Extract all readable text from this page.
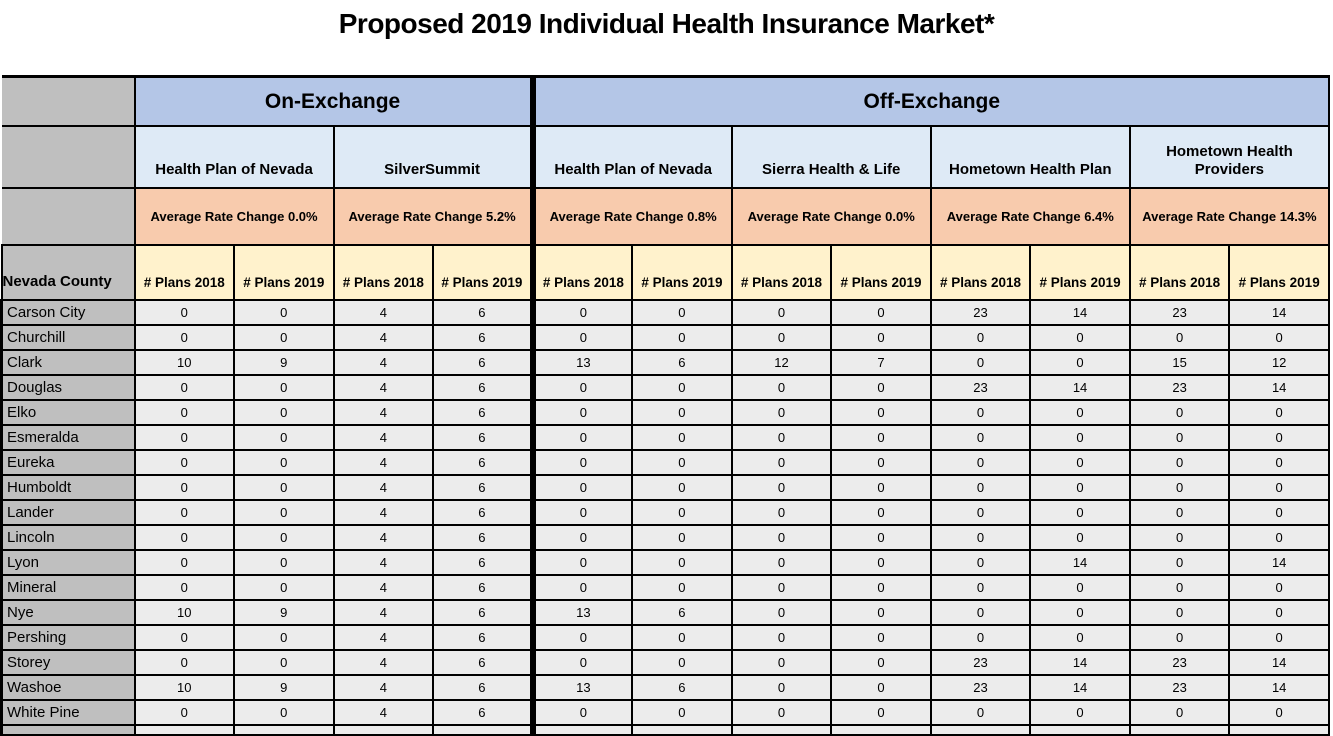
Proposed 2019 Individual Health Insurance Market*
	On-Exchange				Off-Exchange							
	Health Plan of Nevada		SilverSummit		Health Plan of Nevada		Sierra Health & Life		Hometown Health Plan		Hometown Health Providers	
	Average Rate Change 0.0%		Average Rate Change 5.2%		Average Rate Change 0.8%		Average Rate Change 0.0%		Average Rate Change 6.4%		Average Rate Change 14.3%	
Nevada County	# Plans 2018	# Plans 2019	# Plans 2018	# Plans 2019	# Plans 2018	# Plans 2019	# Plans 2018	# Plans 2019	# Plans 2018	# Plans 2019	# Plans 2018	# Plans 2019
Carson City	0	0	4	6	0	0	0	0	23	14	23	14
Churchill	0	0	4	6	0	0	0	0	0	0	0	0
Clark	10	9	4	6	13	6	12	7	0	0	15	12
Douglas	0	0	4	6	0	0	0	0	23	14	23	14
Elko	0	0	4	6	0	0	0	0	0	0	0	0
Esmeralda	0	0	4	6	0	0	0	0	0	0	0	0
Eureka	0	0	4	6	0	0	0	0	0	0	0	0
Humboldt	0	0	4	6	0	0	0	0	0	0	0	0
Lander	0	0	4	6	0	0	0	0	0	0	0	0
Lincoln	0	0	4	6	0	0	0	0	0	0	0	0
Lyon	0	0	4	6	0	0	0	0	0	14	0	14
Mineral	0	0	4	6	0	0	0	0	0	0	0	0
Nye	10	9	4	6	13	6	0	0	0	0	0	0
Pershing	0	0	4	6	0	0	0	0	0	0	0	0
Storey	0	0	4	6	0	0	0	0	23	14	23	14
Washoe	10	9	4	6	13	6	0	0	23	14	23	14
White Pine	0	0	4	6	0	0	0	0	0	0	0	0
